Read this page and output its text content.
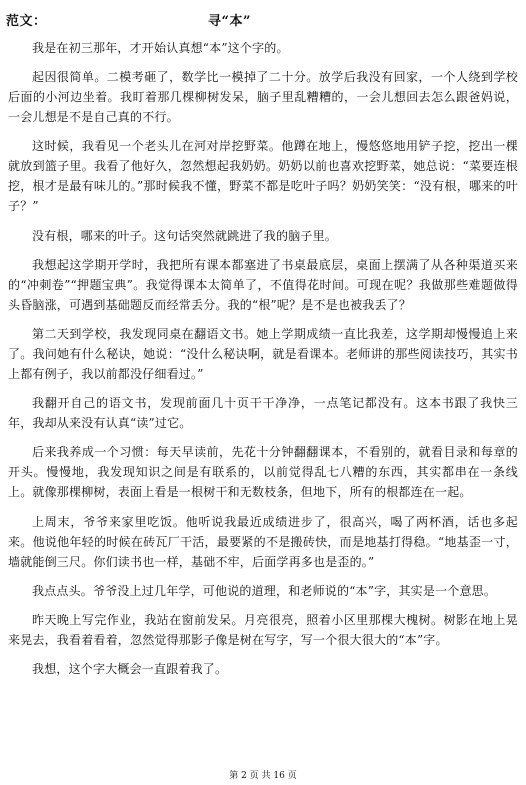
范文：	寻“本”

我是在初三那年，才开始认真想“本”这个字的。

起因很简单。二模考砸了，数学比一模掉了二十分。放学后我没有回家，一个人绕到学校后面的小河边坐着。我盯着那几棵柳树发呆，脑子里乱糟糟的，一会儿想回去怎么跟爸妈说，一会儿想是不是自己真的不行。

这时候，我看见一个老头儿在河对岸挖野菜。他蹲在地上，慢悠悠地用铲子挖，挖出一棵就放到篮子里。我看了他好久，忽然想起我奶奶。奶奶以前也喜欢挖野菜，她总说：“菜要连根挖，根才是最有味儿的。”那时候我不懂，野菜不都是吃叶子吗？奶奶笑笑：“没有根，哪来的叶子？”

没有根，哪来的叶子。这句话突然就跳进了我的脑子里。

我想起这学期开学时，我把所有课本都塞进了书桌最底层，桌面上摆满了从各种渠道买来的“冲刺卷”“押题宝典”。我觉得课本太简单了，不值得花时间。可现在呢？我做那些难题做得头昏脑涨，可遇到基础题反而经常丢分。我的“根”呢？是不是也被我丢了？

第二天到学校，我发现同桌在翻语文书。她上学期成绩一直比我差，这学期却慢慢追上来了。我问她有什么秘诀，她说：“没什么秘诀啊，就是看课本。老师讲的那些阅读技巧，其实书上都有例子，我以前都没仔细看过。”

我翻开自己的语文书，发现前面几十页干干净净，一点笔记都没有。这本书跟了我快三年，我却从来没有认真“读”过它。

后来我养成一个习惯：每天早读前，先花十分钟翻翻课本，不看别的，就看目录和每章的开头。慢慢地，我发现知识之间是有联系的，以前觉得乱七八糟的东西，其实都串在一条线上。就像那棵柳树，表面上看是一根树干和无数枝条，但地下，所有的根都连在一起。

上周末，爷爷来家里吃饭。他听说我最近成绩进步了，很高兴，喝了两杯酒，话也多起来。他说他年轻的时候在砖瓦厂干活，最要紧的不是搬砖快，而是地基打得稳。“地基歪一寸，墙就能倒三尺。你们读书也一样，基础不牢，后面学再多也是歪的。”

我点点头。爷爷没上过几年学，可他说的道理，和老师说的“本”字，其实是一个意思。

昨天晚上写完作业，我站在窗前发呆。月亮很亮，照着小区里那棵大槐树。树影在地上晃来晃去，我看着看着，忽然觉得那影子像是树在写字，写一个很大很大的“本”字。

我想，这个字大概会一直跟着我了。

第 2 页 共 16 页
